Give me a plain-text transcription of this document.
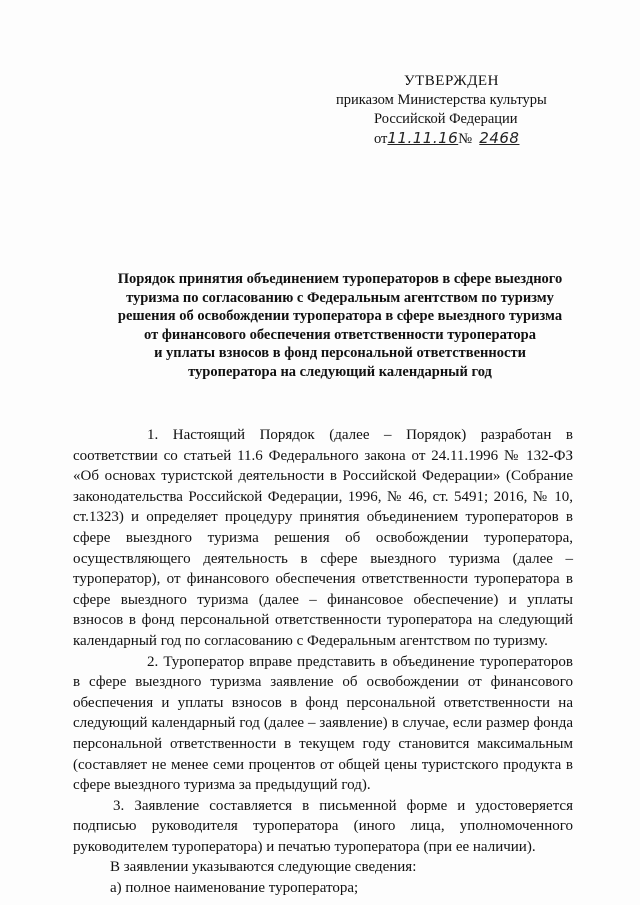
УТВЕРЖДЕН
приказом Министерства культуры
Российской Федерации
от11.11.16№ 2468
Порядок принятия объединением туроператоров в сфере выездного
туризма по согласованию с Федеральным агентством по туризму
решения об освобождении туроператора в сфере выездного туризма
от финансового обеспечения ответственности туроператора
и уплаты взносов в фонд персональной ответственности
туроператора на следующий календарный год

1. Настоящий Порядок (далее – Порядок) разработан в соответствии со статьей 11.6 Федерального закона от 24.11.1996 № 132-ФЗ «Об основах туристской деятельности в Российской Федерации» (Собрание законодательства Российской Федерации, 1996, № 46, ст. 5491; 2016, № 10, ст.1323) и определяет процедуру принятия объединением туроператоров в сфере выездного туризма решения об освобождении туроператора, осуществляющего деятельность в сфере выездного туризма (далее – туроператор), от финансового обеспечения ответственности туроператора в сфере выездного туризма (далее – финансовое обеспечение) и уплаты взносов в фонд персональной ответственности туроператора на следующий календарный год по согласованию с Федеральным агентством по туризму.

2. Туроператор вправе представить в объединение туроператоров в сфере выездного туризма заявление об освобождении от финансового обеспечения и уплаты взносов в фонд персональной ответственности на следующий календарный год (далее – заявление) в случае, если размер фонда персональной ответственности в текущем году становится максимальным (составляет не менее семи процентов от общей цены туристского продукта в сфере выездного туризма за предыдущий год).

3. Заявление составляется в письменной форме и удостоверяется подписью руководителя туроператора (иного лица, уполномоченного руководителем туроператора) и печатью туроператора (при ее наличии).

В заявлении указываются следующие сведения:

а) полное наименование туроператора;
